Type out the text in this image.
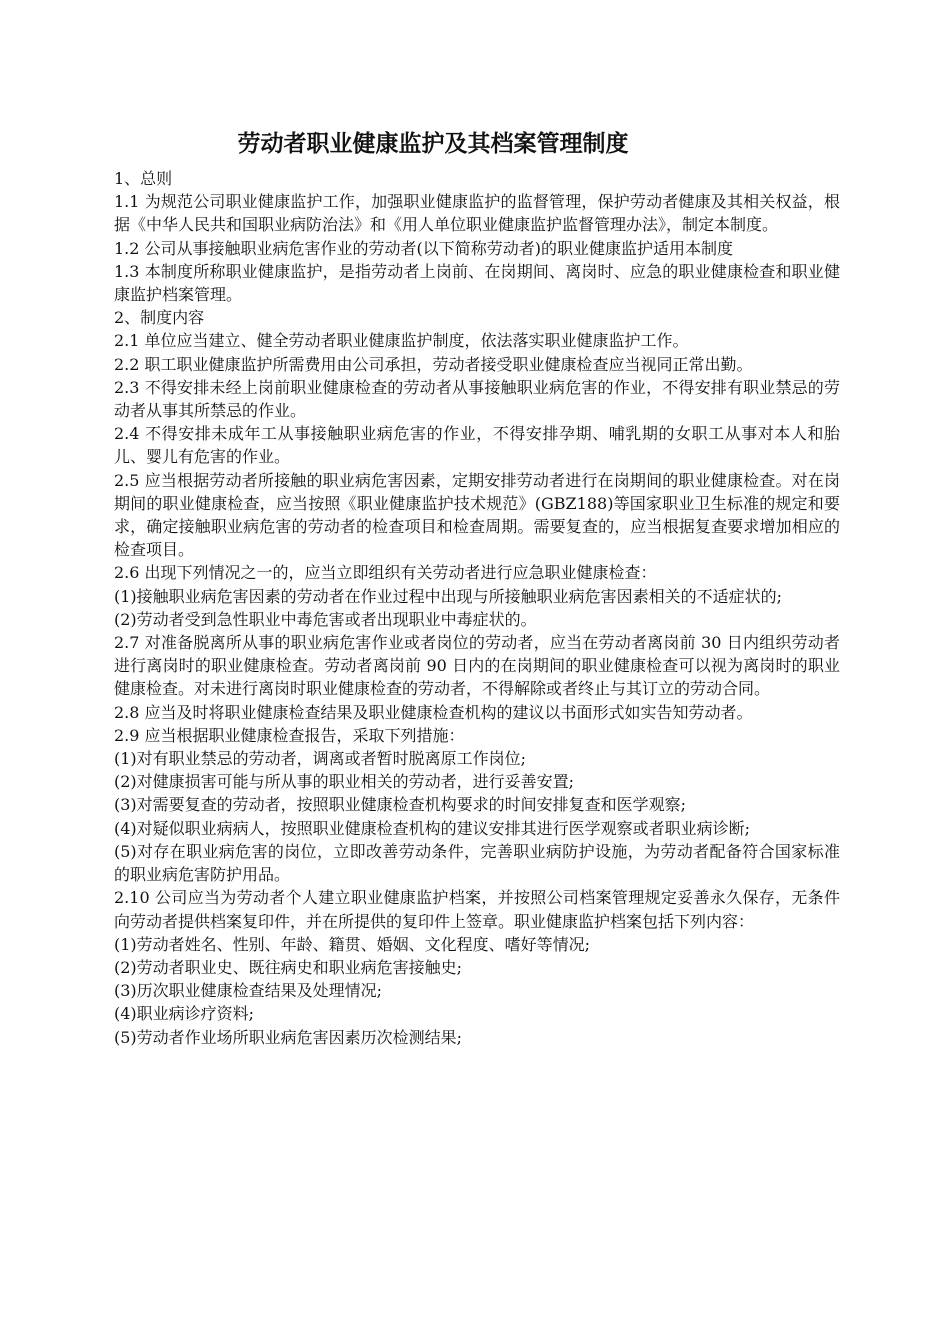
劳动者职业健康监护及其档案管理制度

1、总则

1.1 为规范公司职业健康监护工作，加强职业健康监护的监督管理，保护劳动者健康及其相关权益，根据《中华人民共和国职业病防治法》和《用人单位职业健康监护监督管理办法》，制定本制度。

1.2 公司从事接触职业病危害作业的劳动者(以下简称劳动者)的职业健康监护适用本制度

1.3 本制度所称职业健康监护，是指劳动者上岗前、在岗期间、离岗时、应急的职业健康检查和职业健康监护档案管理。

2、制度内容

2.1 单位应当建立、健全劳动者职业健康监护制度，依法落实职业健康监护工作。

2.2 职工职业健康监护所需费用由公司承担，劳动者接受职业健康检查应当视同正常出勤。

2.3 不得安排未经上岗前职业健康检查的劳动者从事接触职业病危害的作业，不得安排有职业禁忌的劳动者从事其所禁忌的作业。

2.4 不得安排未成年工从事接触职业病危害的作业，不得安排孕期、哺乳期的女职工从事对本人和胎儿、婴儿有危害的作业。

2.5 应当根据劳动者所接触的职业病危害因素，定期安排劳动者进行在岗期间的职业健康检查。对在岗期间的职业健康检查，应当按照《职业健康监护技术规范》(GBZ188)等国家职业卫生标准的规定和要求，确定接触职业病危害的劳动者的检查项目和检查周期。需要复查的，应当根据复查要求增加相应的检查项目。

2.6 出现下列情况之一的，应当立即组织有关劳动者进行应急职业健康检查：

(1)接触职业病危害因素的劳动者在作业过程中出现与所接触职业病危害因素相关的不适症状的;

(2)劳动者受到急性职业中毒危害或者出现职业中毒症状的。

2.7 对准备脱离所从事的职业病危害作业或者岗位的劳动者，应当在劳动者离岗前 30 日内组织劳动者进行离岗时的职业健康检查。劳动者离岗前 90 日内的在岗期间的职业健康检查可以视为离岗时的职业健康检查。对未进行离岗时职业健康检查的劳动者，不得解除或者终止与其订立的劳动合同。

2.8 应当及时将职业健康检查结果及职业健康检查机构的建议以书面形式如实告知劳动者。

2.9 应当根据职业健康检查报告，采取下列措施：

(1)对有职业禁忌的劳动者，调离或者暂时脱离原工作岗位;

(2)对健康损害可能与所从事的职业相关的劳动者，进行妥善安置;

(3)对需要复查的劳动者，按照职业健康检查机构要求的时间安排复查和医学观察;

(4)对疑似职业病病人，按照职业健康检查机构的建议安排其进行医学观察或者职业病诊断;

(5)对存在职业病危害的岗位，立即改善劳动条件，完善职业病防护设施，为劳动者配备符合国家标准的职业病危害防护用品。

2.10 公司应当为劳动者个人建立职业健康监护档案，并按照公司档案管理规定妥善永久保存，无条件向劳动者提供档案复印件，并在所提供的复印件上签章。职业健康监护档案包括下列内容：

(1)劳动者姓名、性别、年龄、籍贯、婚姻、文化程度、嗜好等情况;

(2)劳动者职业史、既往病史和职业病危害接触史;

(3)历次职业健康检查结果及处理情况;

(4)职业病诊疗资料;

(5)劳动者作业场所职业病危害因素历次检测结果;
